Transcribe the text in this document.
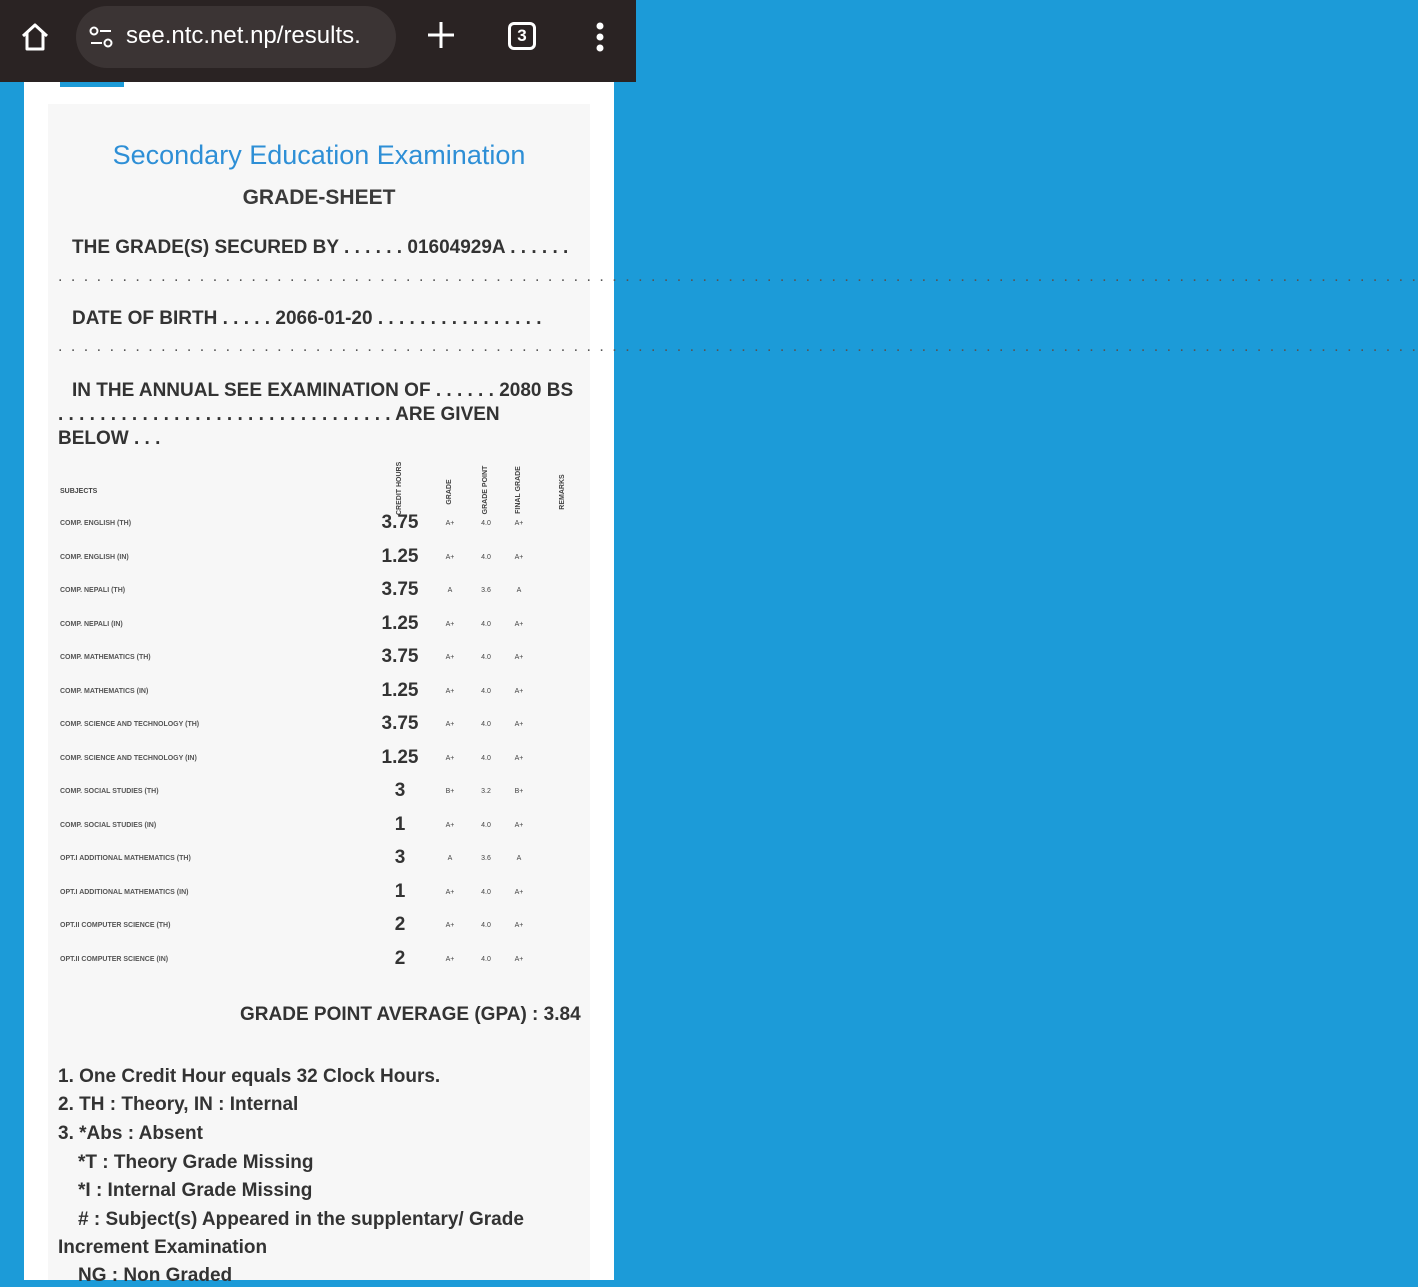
see.ntc.net.np/results.	3
Secondary Education Examination
GRADE-SHEET
THE GRADE(S) SECURED BY . . . . . . 01604929A . . . . . .
. . . . . . . . . . . . . . . . . . . . . . . . . . . . . . . . . . . . . . . . . . . . . . . . . . . . . . . . . . . . . . . . . . . . . . . . . . . . . . . . . . . . . . . . . . . . . . . . . . . . . . . . . .
DATE OF BIRTH . . . . . 2066-01-20 . . . . . . . . . . . . . . . .
. . . . . . . . . . . . . . . . . . . . . . . . . . . . . . . . . . . . . . . . . . . . . . . . . . . . . . . . . . . . . . . . . . . . . . . . . . . . . . . . . . . . . . . . . . . . . . . . . . . . . . . . . .
IN THE ANNUAL SEE EXAMINATION OF . . . . . . 2080 BS
. . . . . . . . . . . . . . . . . . . . . . . . . . . . . . . . ARE GIVEN
BELOW . . .
SUBJECTS	CREDIT HOURS	GRADE	GRADE POINT	FINAL GRADE	REMARKS
COMP. ENGLISH (TH)	3.75	A+	4.0	A+
COMP. ENGLISH (IN)	1.25	A+	4.0	A+
COMP. NEPALI (TH)	3.75	A	3.6	A
COMP. NEPALI (IN)	1.25	A+	4.0	A+
COMP. MATHEMATICS (TH)	3.75	A+	4.0	A+
COMP. MATHEMATICS (IN)	1.25	A+	4.0	A+
COMP. SCIENCE AND TECHNOLOGY (TH)	3.75	A+	4.0	A+
COMP. SCIENCE AND TECHNOLOGY (IN)	1.25	A+	4.0	A+
COMP. SOCIAL STUDIES (TH)	3	B+	3.2	B+
COMP. SOCIAL STUDIES (IN)	1	A+	4.0	A+
OPT.I ADDITIONAL MATHEMATICS (TH)	3	A	3.6	A
OPT.I ADDITIONAL MATHEMATICS (IN)	1	A+	4.0	A+
OPT.II COMPUTER SCIENCE (TH)	2	A+	4.0	A+
OPT.II COMPUTER SCIENCE (IN)	2	A+	4.0	A+
GRADE POINT AVERAGE (GPA) : 3.84
1. One Credit Hour equals 32 Clock Hours.
2. TH : Theory, IN : Internal
3. *Abs : Absent
*T : Theory Grade Missing
*I : Internal Grade Missing
# : Subject(s) Appeared in the supplentary/ Grade
Increment Examination
NG : Non Graded
